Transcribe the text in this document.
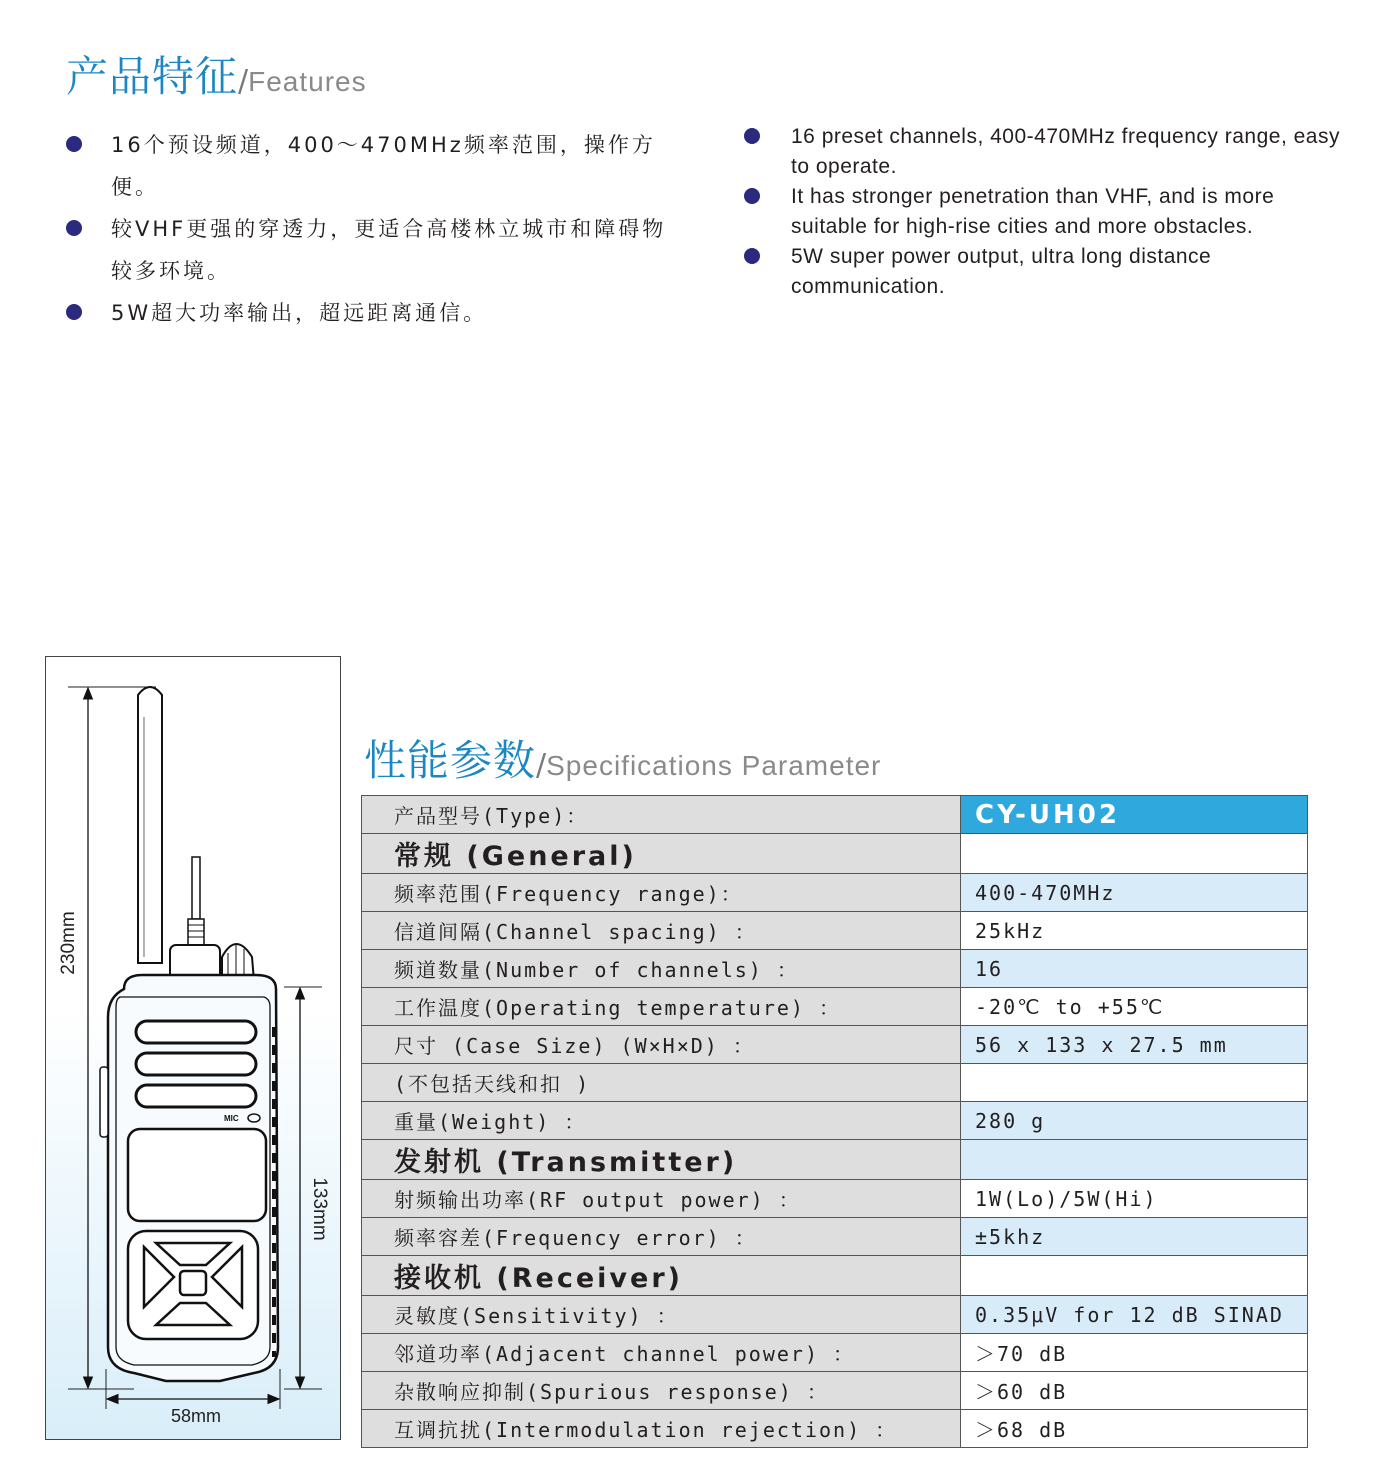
产品特征/Features
16个预设频道，400～470MHz频率范围，操作方便。
较VHF更强的穿透力，更适合高楼林立城市和障碍物较多环境。
5W超大功率输出，超远距离通信。
16 preset channels, 400-470MHz frequency range, easy to operate.
It has stronger penetration than VHF, and is more suitable for high-rise cities and more obstacles.
5W super power output, ultra long distance communication.
MIC
230mm
133mm
58mm
性能参数/Specifications Parameter
产品型号(Type)：	CY-UH02
常规 (General)	
频率范围(Frequency range)：	400-470MHz
信道间隔(Channel spacing) ：	25kHz
频道数量(Number of channels) ：	16
工作温度(Operating temperature) ：	-20℃ to +55℃
尺寸 (Case Size) (W×H×D) ：	56 x 133 x 27.5 mm
(不包括天线和扣 )	
重量(Weight) ：	280 g
发射机 (Transmitter)	
射频输出功率(RF output power) ：	1W(Lo)/5W(Hi)
频率容差(Frequency error) ：	±5khz
接收机 (Receiver)	
灵敏度(Sensitivity) ：	0.35μV for 12 dB SINAD
邻道功率(Adjacent channel power) ：	＞70 dB
杂散响应抑制(Spurious response) ：	＞60 dB
互调抗扰(Intermodulation rejection) ：	＞68 dB
